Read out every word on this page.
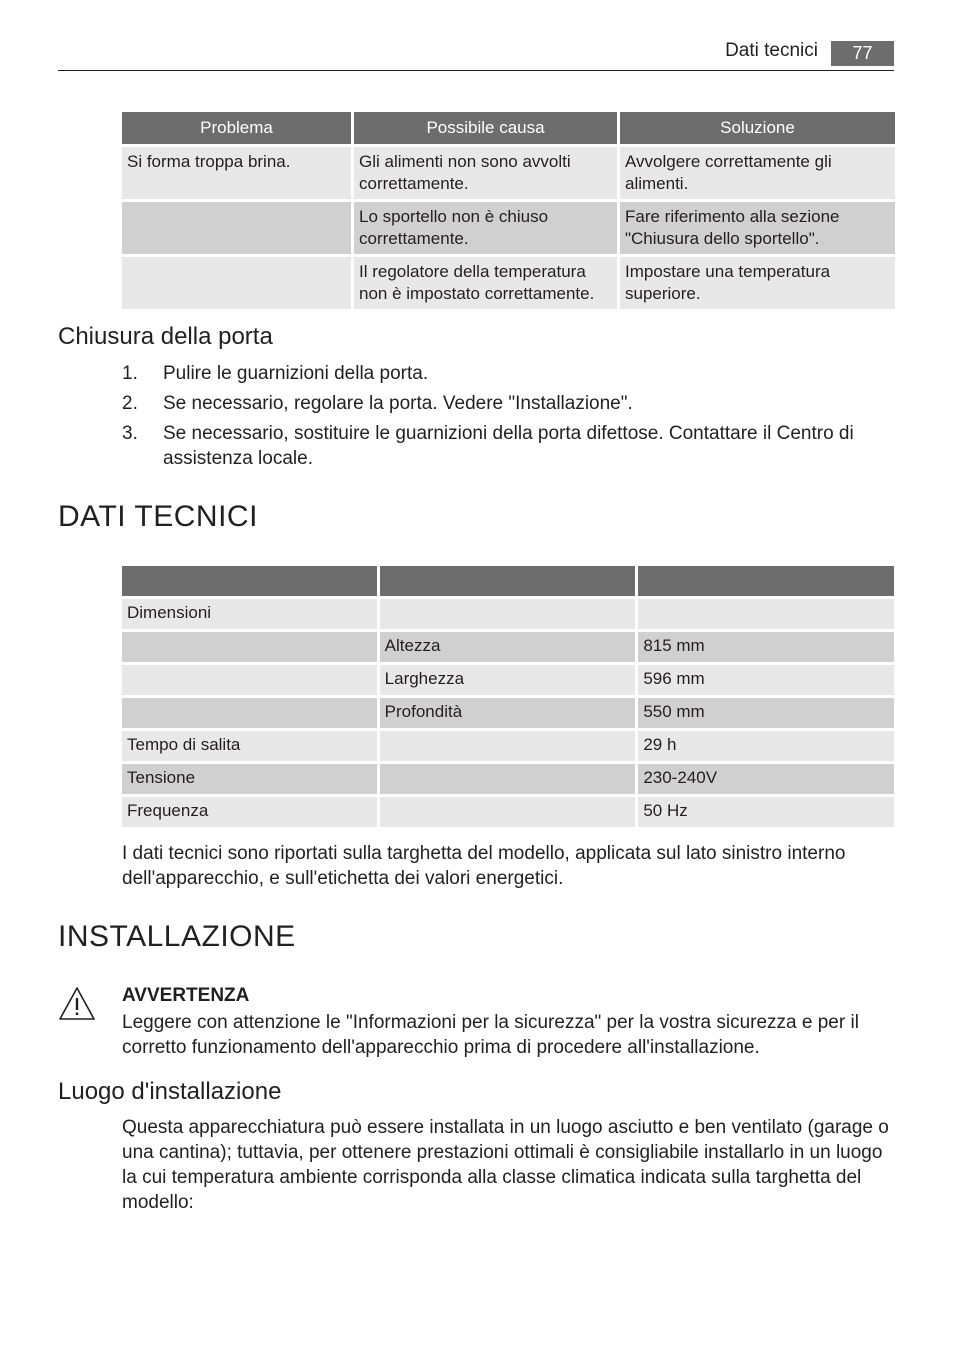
Dati tecnici	77
Problema	Possibile causa	Soluzione
Si forma troppa brina.	Gli alimenti non sono avvolti correttamente.	Avvolgere correttamente gli alimenti.
	Lo sportello non è chiuso correttamente.	Fare riferimento alla sezione "Chiusura dello sportello".
	Il regolatore della temperatura non è impostato correttamente.	Impostare una temperatura superiore.
Chiusura della porta
1. Pulire le guarnizioni della porta.
2. Se necessario, regolare la porta. Vedere "Installazione".
3. Se necessario, sostituire le guarnizioni della porta difettose. Contattare il Centro di assistenza locale.
DATI TECNICI

Dimensioni		
	Altezza	815 mm
	Larghezza	596 mm
	Profondità	550 mm
Tempo di salita		29 h
Tensione		230-240V
Frequenza		50 Hz
I dati tecnici sono riportati sulla targhetta del modello, applicata sul lato sinistro interno dell'apparecchio, e sull'etichetta dei valori energetici.
INSTALLAZIONE
AVVERTENZA
Leggere con attenzione le "Informazioni per la sicurezza" per la vostra sicurezza e per il corretto funzionamento dell'apparecchio prima di procedere all'installazione.
Luogo d'installazione
Questa apparecchiatura può essere installata in un luogo asciutto e ben ventilato (garage o una cantina); tuttavia, per ottenere prestazioni ottimali è consigliabile installarlo in un luogo la cui temperatura ambiente corrisponda alla classe climatica indicata sulla targhetta del modello:
